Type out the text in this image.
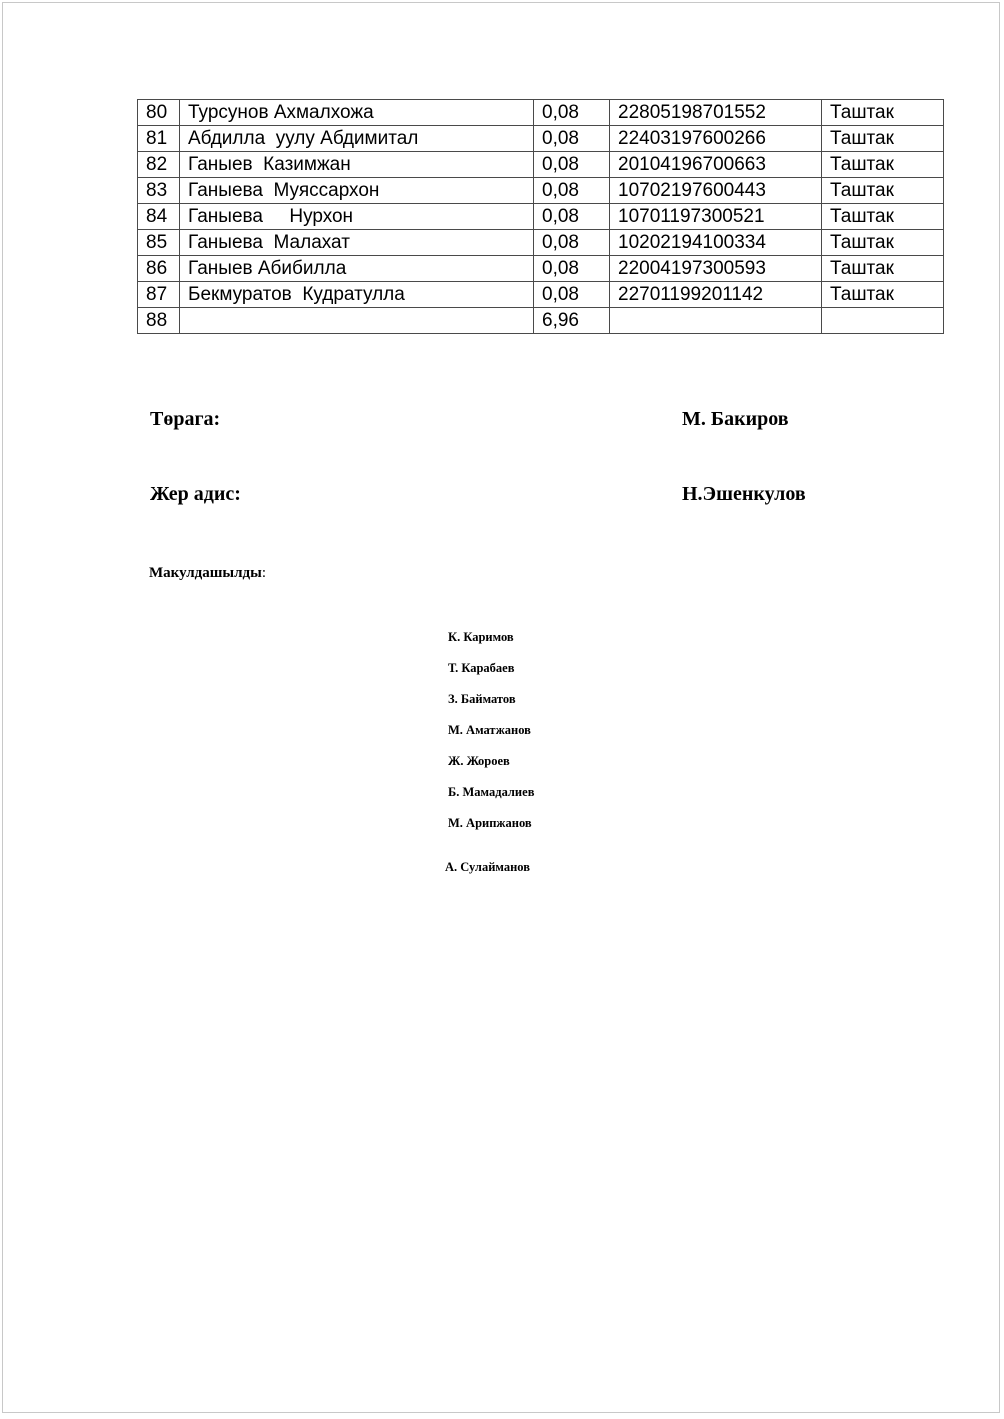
80	Турсунов Ахмалхожа	0,08	22805198701552	Таштак
81	Абдилла  уулу Абдимитал	0,08	22403197600266	Таштак
82	Ганыев  Казимжан	0,08	20104196700663	Таштак
83	Ганыева  Муяссархон	0,08	10702197600443	Таштак
84	Ганыева     Нурхон	0,08	10701197300521	Таштак
85	Ганыева  Малахат	0,08	10202194100334	Таштак
86	Ганыев Абибилла	0,08	22004197300593	Таштак
87	Бекмуратов  Кудратулла	0,08	22701199201142	Таштак
88		6,96		
Төрага:	М. Бакиров
Жер адис:	Н.Эшенкулов
Макулдашылды:
К. Каримов
Т. Карабаев
З. Байматов
М. Аматжанов
Ж. Жороев
Б. Мамадалиев
М. Арипжанов
А. Сулайманов
